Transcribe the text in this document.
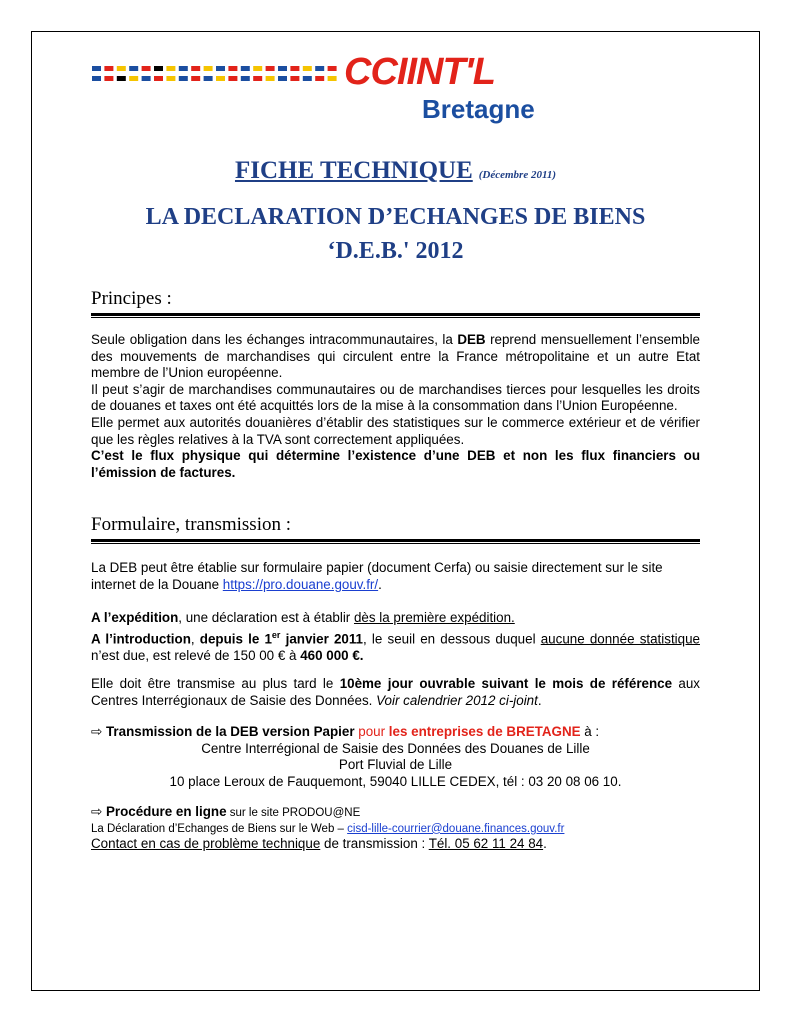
CCIINT'L
Bretagne
FICHE TECHNIQUE (Décembre 2011)
LA DECLARATION D’ECHANGES DE BIENS
‘D.E.B.' 2012
Principes :

Seule obligation dans les échanges intracommunautaires, la DEB reprend mensuellement l’ensemble des mouvements de marchandises qui circulent entre la France métropolitaine et un autre Etat membre de l’Union européenne.

Il peut s’agir de marchandises communautaires ou de marchandises tierces pour lesquelles les droits de douanes et taxes ont été acquittés lors de la mise à la consommation dans l’Union Européenne.

Elle permet aux autorités douanières d’établir des statistiques sur le commerce extérieur et de vérifier que les règles relatives à la TVA sont correctement appliquées.

C’est le flux physique qui détermine l’existence d’une DEB et non les flux financiers ou l’émission de factures.

Formulaire, transmission :

La DEB peut être établie sur formulaire papier (document Cerfa) ou saisie directement sur le site internet de la Douane https://pro.douane.gouv.fr/.

A l’expédition, une déclaration est à établir dès la première expédition.

A l’introduction, depuis le 1er janvier 2011, le seuil en dessous duquel aucune donnée statistique n’est due, est relevé de 150 00 € à 460 000 €.

Elle doit être transmise au plus tard le 10ème jour ouvrable suivant le mois de référence aux Centres Interrégionaux de Saisie des Données. Voir calendrier 2012 ci-joint.

⇨ Transmission de la DEB version Papier pour les entreprises de BRETAGNE à :

Centre Interrégional de Saisie des Données des Douanes de Lille

Port Fluvial de Lille

10 place Leroux de Fauquemont, 59040 LILLE CEDEX, tél : 03 20 08 06 10.

⇨ Procédure en ligne sur le site PRODOU@NE

La Déclaration d’Echanges de Biens sur le Web – cisd-lille-courrier@douane.finances.gouv.fr

Contact en cas de problème technique de transmission : Tél. 05 62 11 24 84.
